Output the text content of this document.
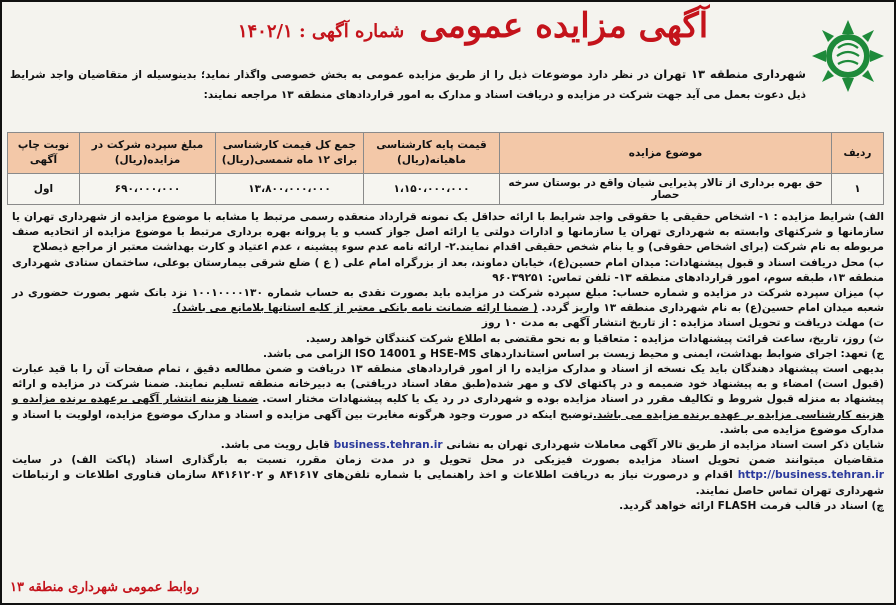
آگهی مزایده عمومی شماره آگهی : ۱۴۰۲/۱
شهرداری منطقه ۱۳ تهران در نظر دارد موضوعات ذیل را از طریق مزایده عمومی به بخش خصوصی واگذار نماید؛ بدینوسیله از متقاضیان واجد شرایط ذیل دعوت بعمل می آید جهت شرکت در مزایده و دریافت اسناد و مدارک به امور قراردادهای منطقه ۱۳ مراجعه نمایند:
ردیف	موضوع مزایده	قیمت پایه کارشناسی ماهیانه(ریال)	جمع کل قیمت کارشناسی برای ۱۲ ماه شمسی(ریال)	مبلغ سپرده شرکت در مزایده(ریال)	نوبت چاپ آگهی
۱	حق بهره برداری از تالار پذیرایی شیان واقع در بوستان سرخه حصار	۱،۱۵۰،۰۰۰،۰۰۰	۱۳،۸۰۰،۰۰۰،۰۰۰	۶۹۰،۰۰۰،۰۰۰	اول

الف) شرایط مزایده : ۱- اشخاص حقیقی یا حقوقی واجد شرایط با ارائه حداقل یک نمونه قرارداد منعقده رسمی مرتبط یا مشابه با موضوع مزایده از شهرداری تهران یا سازمانها و شرکتهای وابسته به شهرداری تهران یا سازمانها و ادارات دولتی یا ارائه اصل جواز کسب و یا پروانه بهره برداری مرتبط با موضوع مزایده از اتحادیه صنف مربوطه به نام شرکت (برای اشخاص حقوقی) و یا بنام شخص حقیقی اقدام نمایند.۲- ارائه نامه عدم سوء پیشینه ، عدم اعتیاد و کارت بهداشت معتبر از مراجع ذیصلاح

ب) محل دریافت اسناد و قبول پیشنهادات: میدان امام حسین(ع)، خیابان دماوند، بعد از بزرگراه امام علی ( ع ) ضلع شرقی بیمارستان بوعلی، ساختمان ستادی شهرداری منطقه ۱۳، طبقه سوم، امور قراردادهای منطقه ۱۳- تلفن تماس: ۹۶۰۳۹۲۵۱

پ) میزان سپرده شرکت در مزایده و شماره حساب: مبلغ سپرده شرکت در مزایده باید بصورت نقدی به حساب شماره ۱۰۰۱۰۰۰۰۱۳۰ نزد بانک شهر بصورت حضوری در شعبه میدان امام حسین(ع) به نام شهرداری منطقه ۱۳ واریز گردد. ( ضمنا ارائه ضمانت نامه بانکی معتبر از کلیه استانها بلامانع می باشد).

ت) مهلت دریافت و تحویل اسناد مزایده : از تاریخ انتشار آگهی به مدت ۱۰ روز

ث) روز، تاریخ، ساعت قرائت پیشنهادات مزایده : متعاقبا و به نحو مقتضی به اطلاع شرکت کنندگان خواهد رسید.

ج) تعهد: اجرای ضوابط بهداشت، ایمنی و محیط زیست بر اساس استانداردهای HSE-MS و ISO 14001 الزامی می باشد.

بدیهی است پیشنهاد دهندگان باید یک نسخه از اسناد و مدارک مزایده را از امور قراردادهای منطقه ۱۳ دریافت و ضمن مطالعه دقیق ، تمام صفحات آن را با قید عبارت (قبول است) امضاء و به پیشنهاد خود ضمیمه و در پاکتهای لاک و مهر شده(طبق مفاد اسناد دریافتی) به دبیرخانه منطقه تسلیم نمایند. ضمنا شرکت در مزایده و ارائه پیشنهاد به منزله قبول شروط و تکالیف مقرر در اسناد مزایده بوده و شهرداری در رد یک یا کلیه پیشنهادات مختار است. ضمنا هزینه انتشار آگهی برعهده برنده مزایده و هزینه کارشناسی مزایده بر عهده برنده مزایده می باشد.توضیح اینکه در صورت وجود هرگونه مغایرت بین آگهی مزایده و اسناد و مدارک موضوع مزایده، اولویت با اسناد و مدارک موضوع مزایده می باشد.

شایان ذکر است اسناد مزایده از طریق تالار آگهی معاملات شهرداری تهران به نشانی business.tehran.ir قابل رویت می باشد.

متقاضیان میتوانند ضمن تحویل اسناد مزایده بصورت فیزیکی در محل تحویل و در مدت زمان مقرر، نسبت به بارگذاری اسناد (پاکت الف) در سایت http://business.tehran.ir اقدام و درصورت نیاز به دریافت اطلاعات و اخذ راهنمایی با شماره تلفن‌های ۸۴۱۶۱۷ و ۸۴۱۶۱۲۰۲ سازمان فناوری اطلاعات و ارتباطات شهرداری تهران تماس حاصل نمایند.

چ) اسناد در قالب فرمت FLASH ارائه خواهد گردید.

روابط عمومی شهرداری منطقه ۱۳
